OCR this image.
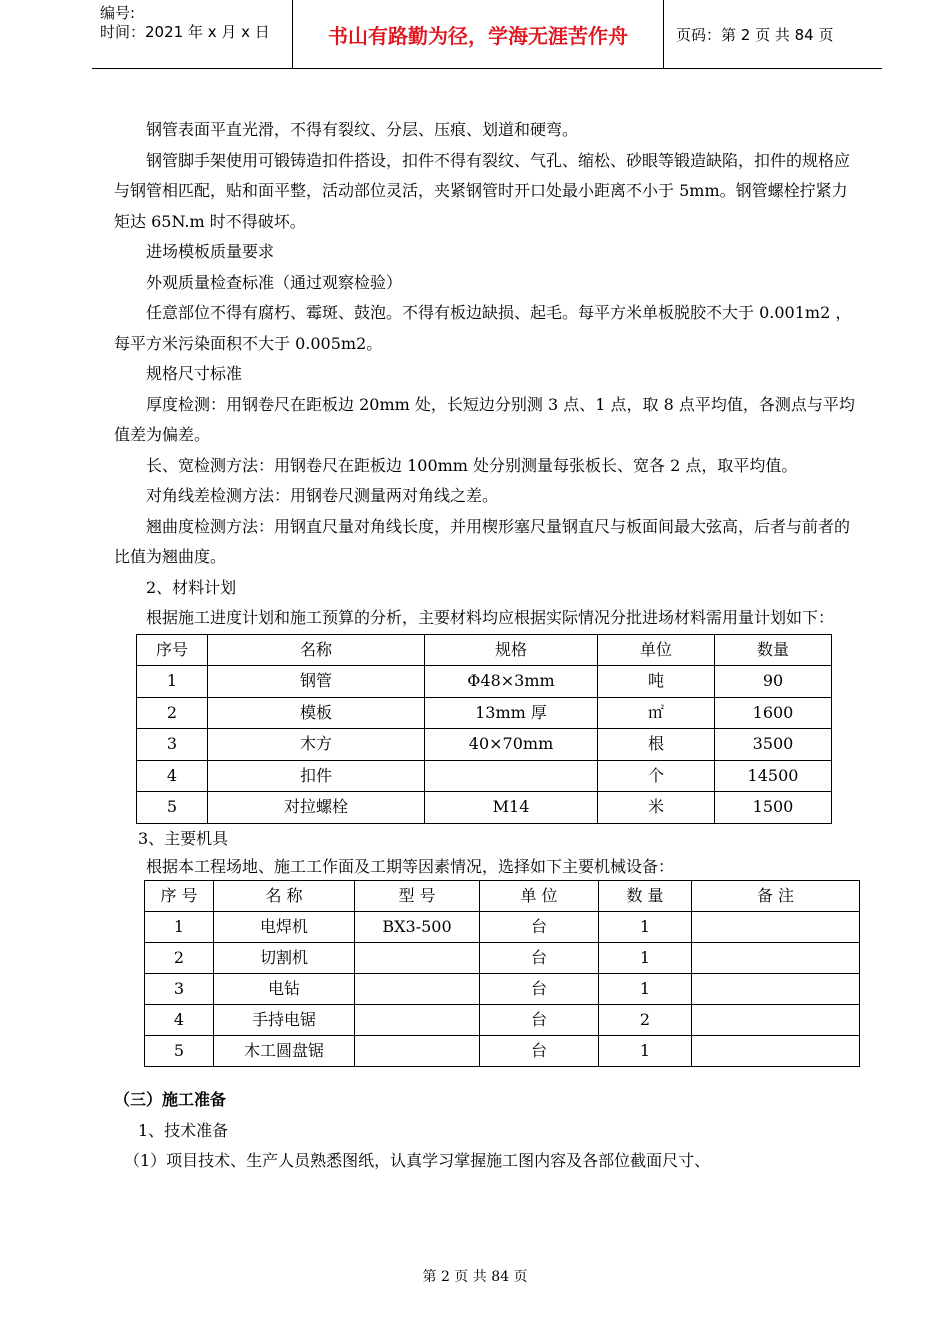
编号:
时间：2021 年 x 月 x 日	书山有路勤为径，学海无涯苦作舟	页码：第 2 页 共 84 页

钢管表面平直光滑，不得有裂纹、分层、压痕、划道和硬弯。

钢管脚手架使用可锻铸造扣件搭设，扣件不得有裂纹、气孔、缩松、砂眼等锻造缺陷，扣件的规格应与钢管相匹配，贴和面平整，活动部位灵活，夹紧钢管时开口处最小距离不小于 5mm。钢管螺栓拧紧力矩达 65N.m 时不得破坏。

进场模板质量要求

外观质量检查标准（通过观察检验）

任意部位不得有腐朽、霉斑、鼓泡。不得有板边缺损、起毛。每平方米单板脱胶不大于 0.001m2 ，每平方米污染面积不大于 0.005m2。

规格尺寸标准

厚度检测：用钢卷尺在距板边 20mm 处，长短边分别测 3 点、1 点，取 8 点平均值，各测点与平均值差为偏差。

长、宽检测方法：用钢卷尺在距板边 100mm 处分别测量每张板长、宽各 2 点，取平均值。

对角线差检测方法：用钢卷尺测量两对角线之差。

翘曲度检测方法：用钢直尺量对角线长度，并用楔形塞尺量钢直尺与板面间最大弦高，后者与前者的比值为翘曲度。

2、材料计划

根据施工进度计划和施工预算的分析，主要材料均应根据实际情况分批进场材料需用量计划如下：

序号	名称	规格	单位	数量
1	钢管	Φ48×3mm	吨	90
2	模板	13mm 厚	㎡	1600
3	木方	40×70mm	根	3500
4	扣件		个	14500
5	对拉螺栓	M14	米	1500

3、主要机具

根据本工程场地、施工工作面及工期等因素情况，选择如下主要机械设备：

序 号	名 称	型 号	单 位	数 量	备 注
1	电焊机	BX3-500	台	1	
2	切割机		台	1	
3	电钻		台	1	
4	手持电锯		台	2	
5	木工圆盘锯		台	1	

（三）施工准备

1、技术准备

（1）项目技术、生产人员熟悉图纸，认真学习掌握施工图内容及各部位截面尺寸、

第 2 页 共 84 页
